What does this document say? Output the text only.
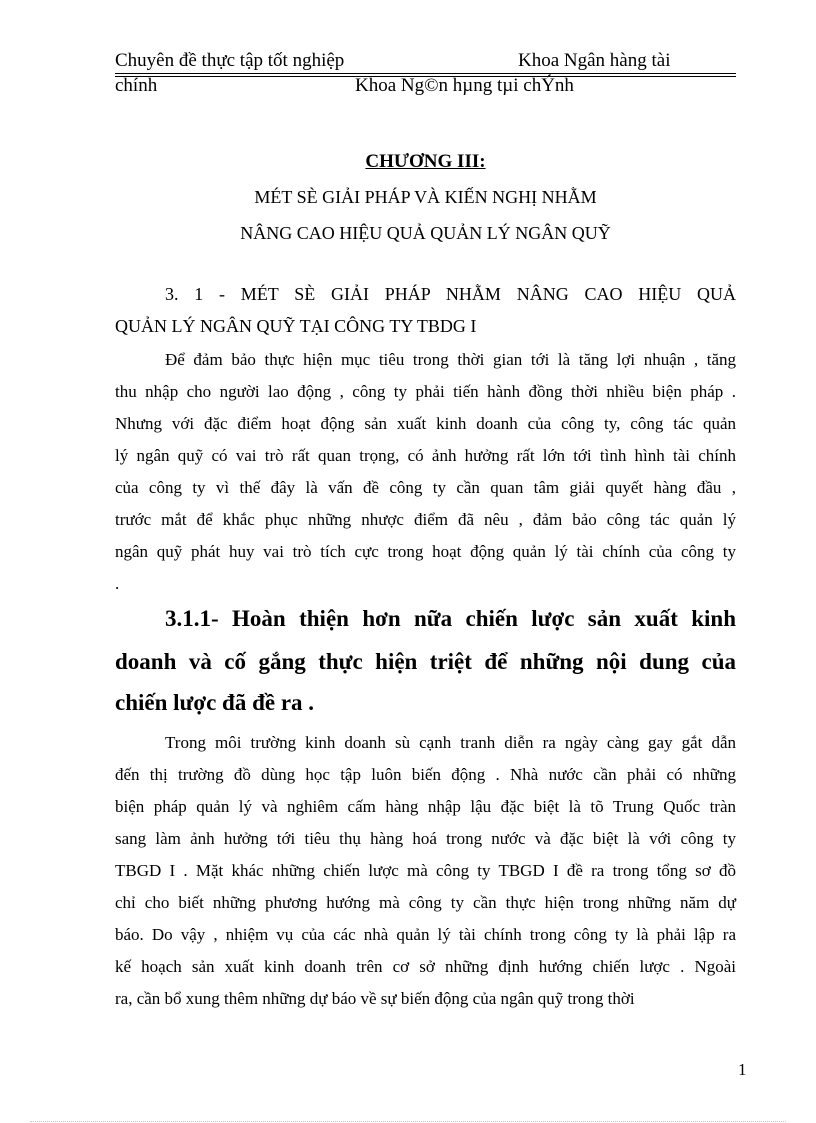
Chuyên đề thực tập tốt nghiệp	Khoa Ngân hàng tài
chính	Khoa Ng©n hµng tµi chÝnh
CHƯƠNG III:
MÉT SÈ GIẢI PHÁP VÀ KIẾN NGHỊ NHẰM
NÂNG CAO HIỆU QUẢ QUẢN LÝ NGÂN QUỸ
3. 1 - MÉT SÈ GIẢI PHÁP NHẰM NÂNG CAO HIỆU QUẢ
QUẢN LÝ NGÂN QUỸ TẠI CÔNG TY TBDG I
Để đảm bảo thực hiện mục tiêu trong thời gian tới là tăng lợi nhuận , tăng
thu nhập cho người lao động , công ty phải tiến hành đồng thời nhiều biện pháp .
Nhưng với đặc điểm hoạt động sản xuất kinh doanh của công ty, công tác quản
lý ngân quỹ có vai trò rất quan trọng, có ảnh hưởng rất lớn tới tình hình tài chính
của công ty vì thế đây là vấn đề công ty cần quan tâm giải quyết hàng đầu ,
trước mắt để khắc phục những nhược điểm đã nêu , đảm bảo công tác quản lý
ngân quỹ phát huy vai trò tích cực trong hoạt động quản lý tài chính của công ty
.
3.1.1- Hoàn thiện hơn nữa chiến lược sản xuất kinh
doanh và cố gắng thực hiện triệt để những nội dung của
chiến lược đã đề ra .
Trong môi trường kinh doanh sù cạnh tranh diễn ra ngày càng gay gắt dẫn
đến thị trường đồ dùng học tập luôn biến động . Nhà nước cần phải có những
biện pháp quản lý và nghiêm cấm hàng nhập lậu đặc biệt là tõ Trung Quốc tràn
sang làm ảnh hưởng tới tiêu thụ hàng hoá trong nước và đặc biệt là với công ty
TBGD I . Mặt khác những chiến lược mà công ty TBGD I đề ra trong tổng sơ đồ
chỉ cho biết những phương hướng mà công ty cần thực hiện trong những năm dự
báo. Do vậy , nhiệm vụ của các nhà quản lý tài chính trong công ty là phải lập ra
kế hoạch sản xuất kinh doanh trên cơ sở những định hướng chiến lược . Ngoài
ra, cần bổ xung thêm những dự báo về sự biến động của ngân quỹ trong thời
1
